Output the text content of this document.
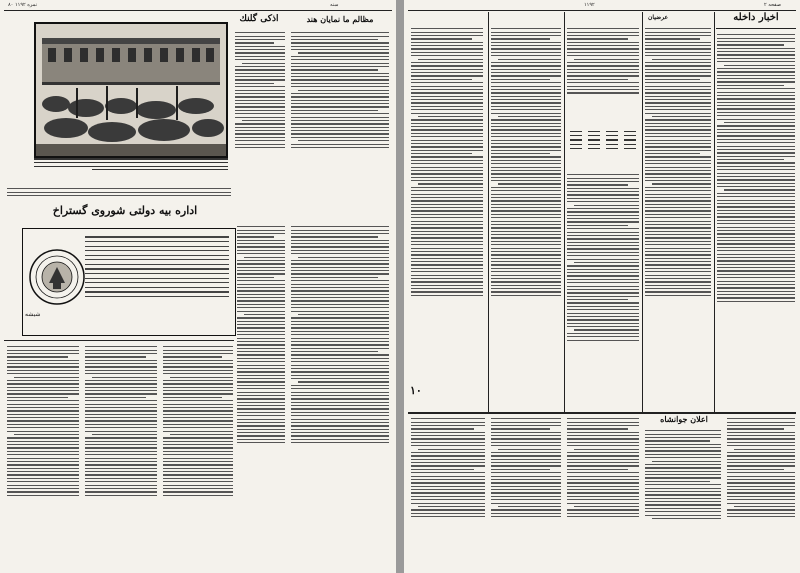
سنه
۸۰ نمره ۱۱۹۲
مظالم ما نمايان هند
اذكى گلنك
اداره بيه دولتى شوروى گستراخ
شيشه
صفحه ۲
۱۱۹۲
اخبار داخله
عرضيان
۱۰
اعلان جوانشاه
